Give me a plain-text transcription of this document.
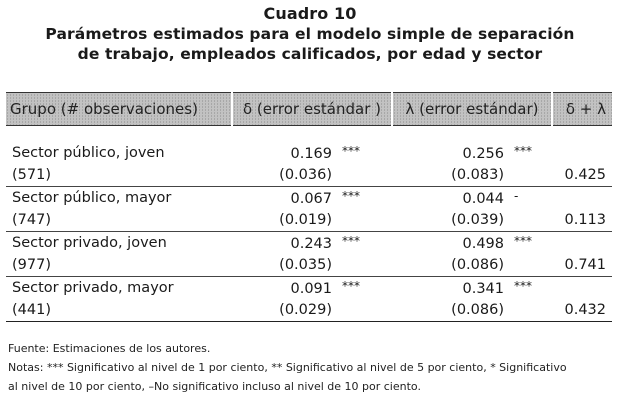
Cuadro 10
Parámetros estimados para el modelo simple de separación
de trabajo, empleados calificados, por edad y sector
Grupo (# observaciones)	δ (error estándar )	λ (error estándar)	δ + λ

Sector público, joven	0.169 ***	0.256 ***	
(571)	(0.036)	(0.083)	0.425
Sector público, mayor	0.067 ***	0.044 -	
(747)	(0.019)	(0.039)	0.113
Sector privado, joven	0.243 ***	0.498 ***	
(977)	(0.035)	(0.086)	0.741
Sector privado, mayor	0.091 ***	0.341 ***	
(441)	(0.029)	(0.086)	0.432
Fuente: Estimaciones de los autores.
Notas: *** Significativo al nivel de 1 por ciento, ** Significativo al nivel de 5 por ciento, * Significativo
al nivel de 10 por ciento, –No significativo incluso al nivel de 10 por ciento.
